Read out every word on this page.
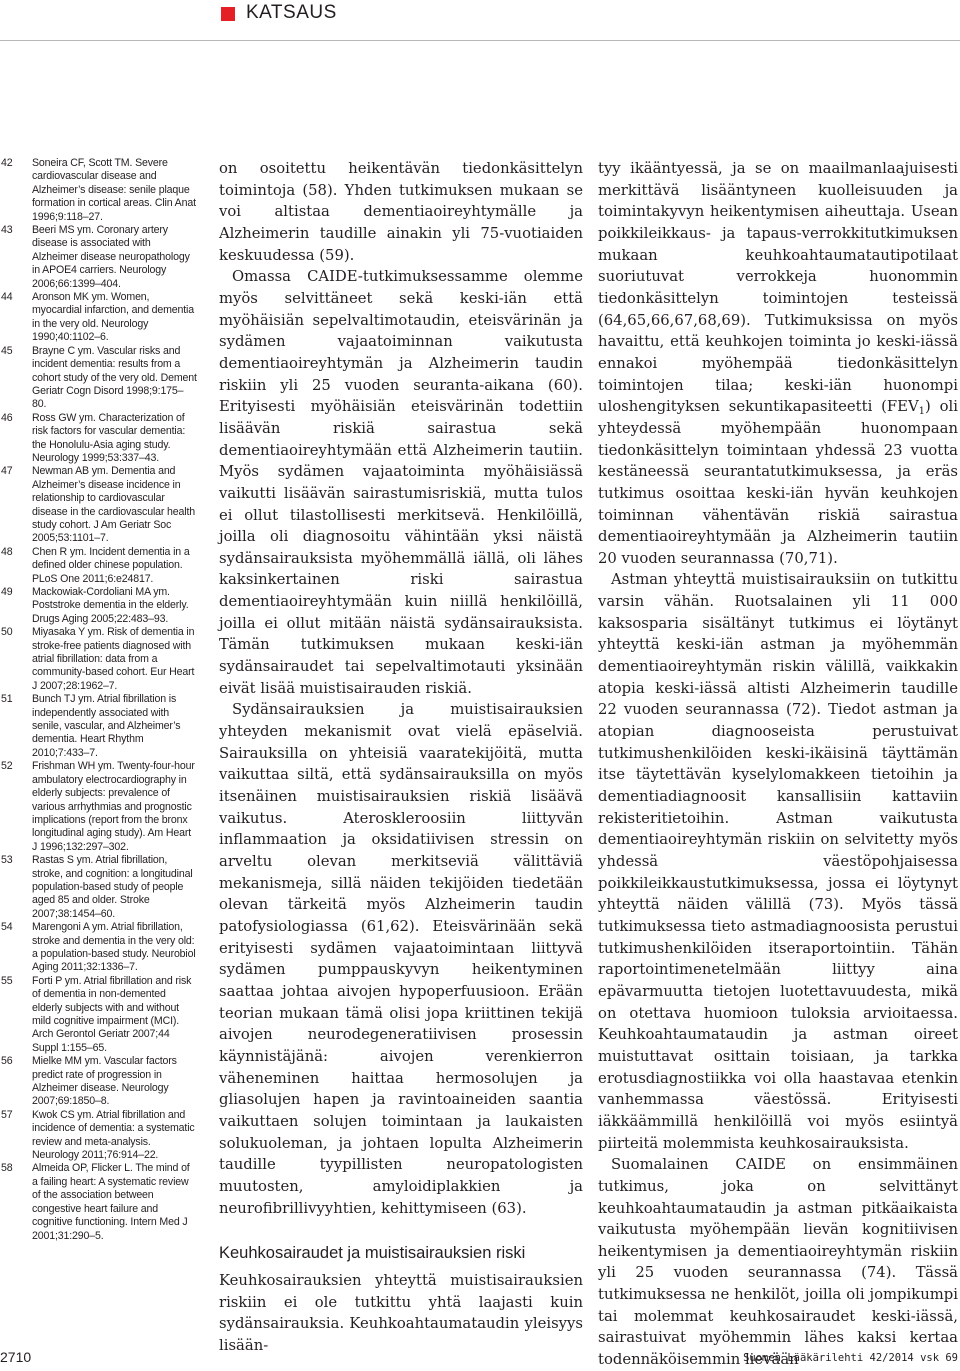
KATSAUS
42	Soneira CF, Scott TM. Severe cardiovascular disease and Alzheimer’s disease: senile plaque formation in cortical areas. Clin Anat 1996;9:118–27.
43	Beeri MS ym. Coronary artery disease is associated with Alzheimer disease neuropathology in APOE4 carriers. Neurology 2006;66:1399–404.
44	Aronson MK ym. Women, myocardial infarction, and dementia in the very old. Neurology 1990;40:1102–6.
45	Brayne C ym. Vascular risks and incident dementia: results from a cohort study of the very old. Dement Geriatr Cogn Disord 1998;9:175–80.
46	Ross GW ym. Characterization of risk factors for vascular dementia: the Honolulu-Asia aging study. Neurology 1999;53:337–43.
47	Newman AB ym. Dementia and Alzheimer’s disease incidence in relationship to cardiovascular disease in the cardiovascular health study cohort. J Am Geriatr Soc 2005;53:1101–7.
48	Chen R ym. Incident dementia in a defined older chinese population. PLoS One 2011;6:e24817.
49	Mackowiak-Cordoliani MA ym. Poststroke dementia in the elderly. Drugs Aging 2005;22:483–93.
50	Miyasaka Y ym. Risk of dementia in stroke-free patients diagnosed with atrial fibrillation: data from a community-based cohort. Eur Heart J 2007;28:1962–7.
51	Bunch TJ ym. Atrial fibrillation is independently associated with senile, vascular, and Alzheimer’s dementia. Heart Rhythm 2010;7:433–7.
52	Frishman WH ym. Twenty-four-hour ambulatory electrocardiography in elderly subjects: prevalence of various arrhythmias and prognostic implications (report from the bronx longitudinal aging study). Am Heart J 1996;132:297–302.
53	Rastas S ym. Atrial fibrillation, stroke, and cognition: a longitudinal population-based study of people aged 85 and older. Stroke 2007;38:1454–60.
54	Marengoni A ym. Atrial fibrillation, stroke and dementia in the very old: a population-based study. Neurobiol Aging 2011;32:1336–7.
55	Forti P ym. Atrial fibrillation and risk of dementia in non-demented elderly subjects with and without mild cognitive impairment (MCI). Arch Gerontol Geriatr 2007;44 Suppl 1:155–65.
56	Mielke MM ym. Vascular factors predict rate of progression in Alzheimer disease. Neurology 2007;69:1850–8.
57	Kwok CS ym. Atrial fibrillation and incidence of dementia: a systematic review and meta-analysis. Neurology 2011;76:914–22.
58	Almeida OP, Flicker L. The mind of a failing heart: A systematic review of the association between congestive heart failure and cognitive functioning. Intern Med J 2001;31:290–5.

on osoitettu heikentävän tiedonkäsittelyn toimintoja (58). Yhden tutkimuksen mukaan se voi altistaa dementiaoireyhtymälle ja Alzheimerin taudille ainakin yli 75-vuotiaiden keskuudessa (59).

Omassa CAIDE-tutkimuksessamme olemme myös selvittäneet sekä keski-iän että myöhäisiän sepelvaltimotaudin, eteisvärinän ja sydämen vajaatoiminnan vaikutusta dementiaoireyhtymän ja Alzheimerin taudin riskiin yli 25 vuoden seuranta-aikana (60). Erityisesti myöhäisiän eteisvärinän todettiin lisäävän riskiä sairastua sekä dementiaoireyhtymään että Alzheimerin tautiin. Myös sydämen vajaatoiminta myöhäisiässä vaikutti lisäävän sairastumisriskiä, mutta tulos ei ollut tilastollisesti merkitsevä. Henkilöillä, joilla oli diagnosoitu vähintään yksi näistä sydänsairauksista myöhemmällä iällä, oli lähes kaksinkertainen riski sairastua dementiaoireyhtymään kuin niillä henkilöillä, joilla ei ollut mitään näistä sydänsairauksista. Tämän tutkimuksen mukaan keski-iän sydänsairaudet tai sepelvaltimotauti yksinään eivät lisää muistisairauden riskiä.

Sydänsairauksien ja muistisairauksien yhteyden mekanismit ovat vielä epäselviä. Sairauksilla on yhteisiä vaaratekijöitä, mutta vaikuttaa siltä, että sydänsairauksilla on myös itsenäinen muistisairauksien riskiä lisäävä vaikutus. Ateroskleroosiin liittyvän inflammaation ja oksidatiivisen stressin on arveltu olevan merkitseviä välittäviä mekanismeja, sillä näiden tekijöiden tiedetään olevan tärkeitä myös Alzheimerin taudin patofysiologiassa (61,62). Eteisvärinään sekä erityisesti sydämen vajaatoimintaan liittyvä sydämen pumppauskyvyn heikentyminen saattaa johtaa aivojen hypoperfuusioon. Erään teorian mukaan tämä olisi jopa kriittinen tekijä aivojen neurodegeneratiivisen prosessin käynnistäjänä: aivojen verenkierron väheneminen haittaa hermosolujen ja gliasolujen hapen ja ravintoaineiden saantia vaikuttaen solujen toimintaan ja laukaisten solukuoleman, ja johtaen lopulta Alzheimerin taudille tyypillisten neuropatologisten muutosten, amyloidiplakkien ja neurofibrillivyyhtien, kehittymiseen (63).

Keuhkosairaudet ja muistisairauksien riski

Keuhkosairauksien yhteyttä muistisairauksien riskiin ei ole tutkittu yhtä laajasti kuin sydänsairauksia. Keuhkoahtaumataudin yleisyys lisään-

tyy ikääntyessä, ja se on maailmanlaajuisesti merkittävä lisääntyneen kuolleisuuden ja toimintakyvyn heikentymisen aiheuttaja. Usean poikkileikkaus- ja tapaus-verrokkitutkimuksen mukaan keuhkoahtaumatautipotilaat suoriutuvat verrokkeja huonommin tiedonkäsittelyn toimintojen testeissä (64,65,66,67,68,69). Tutkimuksissa on myös havaittu, että keuhkojen toiminta jo keski-iässä ennakoi myöhempää tiedonkäsittelyn toimintojen tilaa; keski-iän huonompi uloshengityksen sekuntikapasiteetti $(FEV_1)$ oli yhteydessä myöhempään huonompaan tiedonkäsittelyn toimintaan yhdessä 23 vuotta kestäneessä seurantatutkimuksessa, ja eräs tutkimus osoittaa keski-iän hyvän keuhkojen toiminnan vähentävän riskiä sairastua dementiaoireyhtymään ja Alzheimerin tautiin 20 vuoden seurannassa (70,71).

Astman yhteyttä muistisairauksiin on tutkittu varsin vähän. Ruotsalainen yli 11 000 kaksosparia sisältänyt tutkimus ei löytänyt yhteyttä keski-iän astman ja myöhemmän dementiaoireyhtymän riskin välillä, vaikkakin atopia keski-iässä altisti Alzheimerin taudille 22 vuoden seurannassa (72). Tiedot astman ja atopian diagnooseista perustuivat tutkimushenkilöiden keski-ikäisinä täyttämän itse täytettävän kyselylomakkeen tietoihin ja dementiadiagnoosit kansallisiin kattaviin rekisteritietoihin. Astman vaikutusta dementiaoireyhtymän riskiin on selvitetty myös yhdessä väestöpohjaisessa poikkileikkaustutkimuksessa, jossa ei löytynyt yhteyttä näiden välillä (73). Myös tässä tutkimuksessa tieto astmadiagnoosista perustui tutkimushenkilöiden itseraportointiin. Tähän raportointimenetelmään liittyy aina epävarmuutta tietojen luotettavuudesta, mikä on otettava huomioon tuloksia arvioitaessa. Keuhkoahtaumataudin ja astman oireet muistuttavat osittain toisiaan, ja tarkka erotusdiagnostiikka voi olla haastavaa etenkin vanhemmassa väestössä. Erityisesti iäkkäämmillä henkilöillä voi myös esiintyä piirteitä molemmista keuhkosairauksista.

Suomalainen CAIDE on ensimmäinen tutkimus, joka on selvittänyt keuhkoahtaumataudin ja astman pitkäaikaista vaikutusta myöhempään lievän kognitiivisen heikentymisen ja dementiaoireyhtymän riskiin yli 25 vuoden seurannassa (74). Tässä tutkimuksessa ne henkilöt, joilla oli jompikumpi tai molemmat keuhkosairaudet keski-iässä, sairastuivat myöhemmin lähes kaksi kertaa todennäköisemmin lievään

2710	Suomen Lääkärilehti 42/2014 vsk 69
